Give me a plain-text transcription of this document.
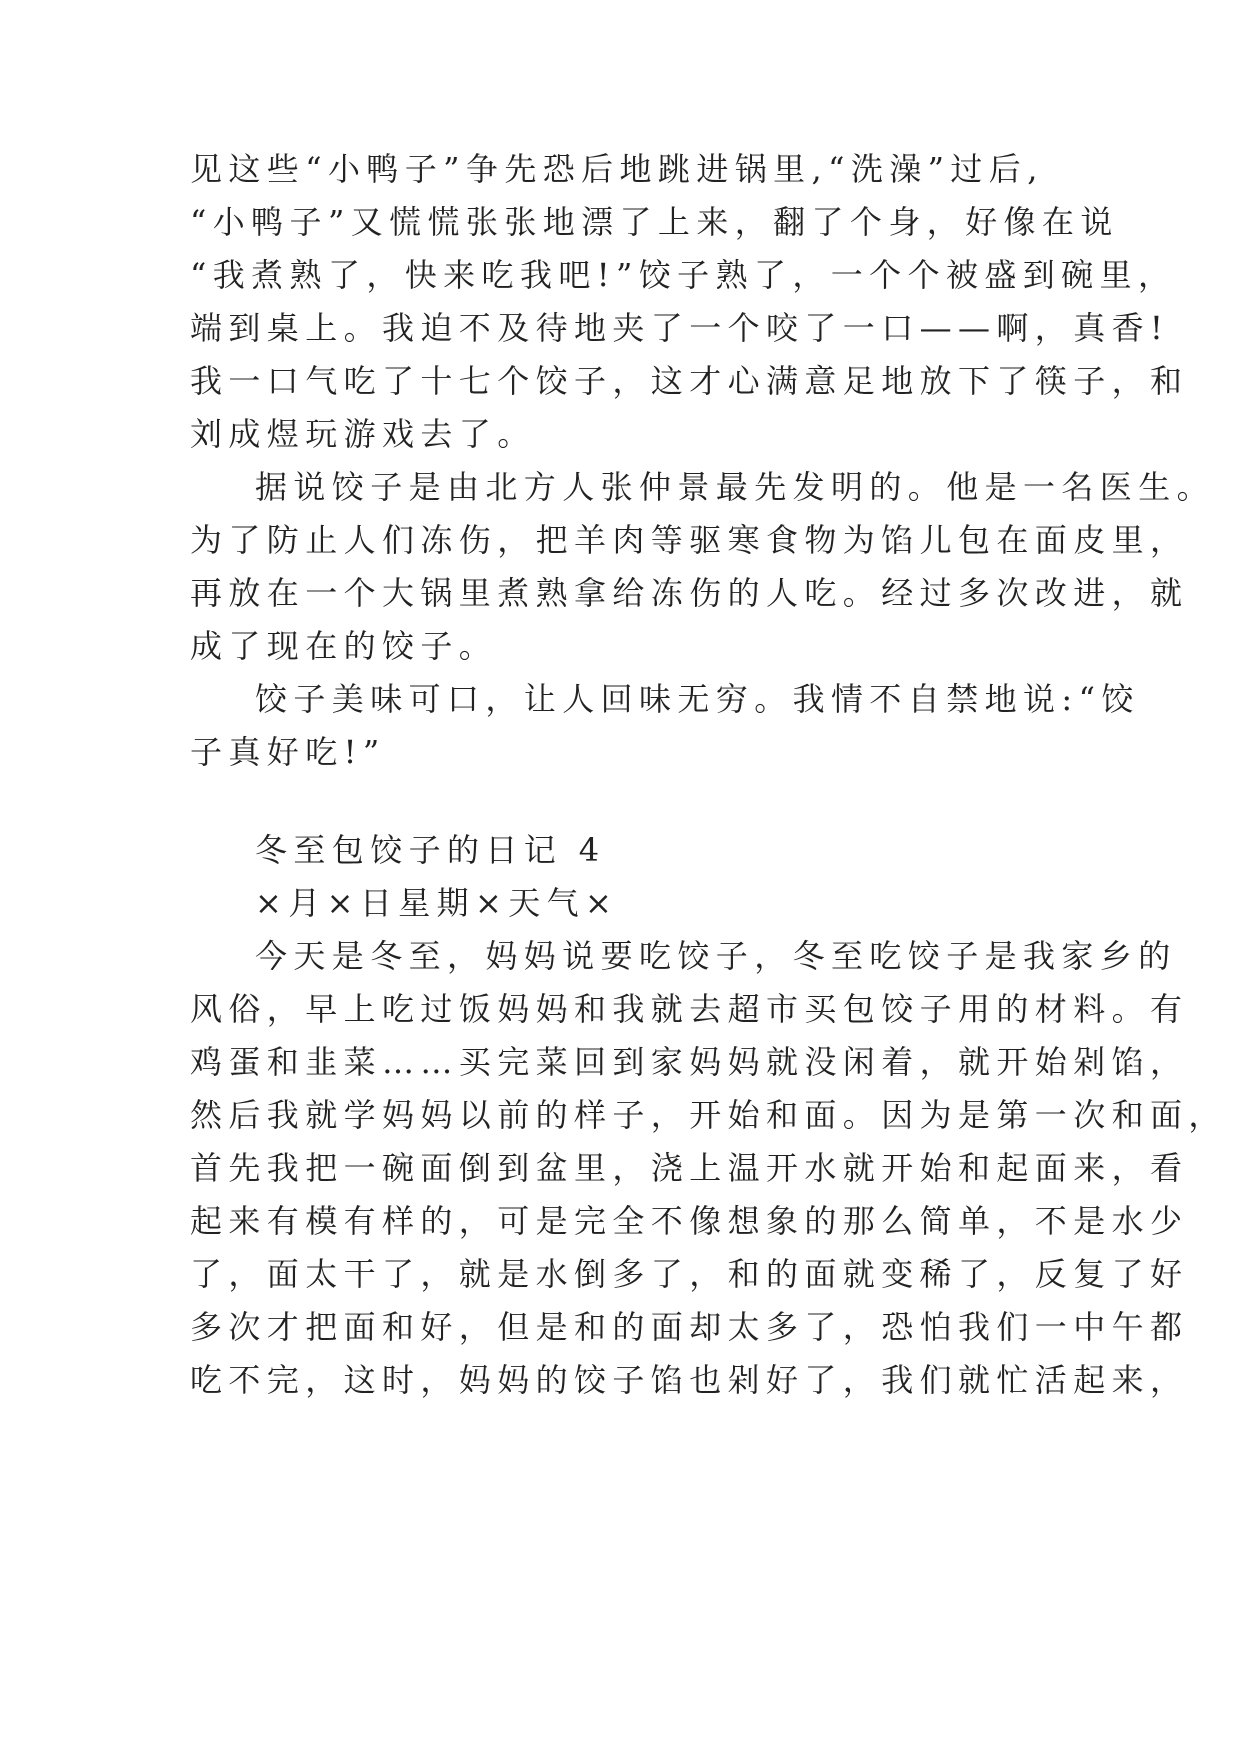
见这些“小鸭子”争先恐后地跳进锅里,“洗澡”过后,
“小鸭子”又慌慌张张地漂了上来，翻了个身，好像在说
“我煮熟了，快来吃我吧!”饺子熟了，一个个被盛到碗里，
端到桌上。我迫不及待地夹了一个咬了一口——啊，真香!
我一口气吃了十七个饺子，这才心满意足地放下了筷子，和
刘成煜玩游戏去了。
据说饺子是由北方人张仲景最先发明的。他是一名医生。
为了防止人们冻伤，把羊肉等驱寒食物为馅儿包在面皮里，
再放在一个大锅里煮熟拿给冻伤的人吃。经过多次改进，就
成了现在的饺子。
饺子美味可口，让人回味无穷。我情不自禁地说:“饺
子真好吃!”
冬至包饺子的日记 4
×月×日星期×天气×
今天是冬至，妈妈说要吃饺子，冬至吃饺子是我家乡的
风俗，早上吃过饭妈妈和我就去超市买包饺子用的材料。有
鸡蛋和韭菜……买完菜回到家妈妈就没闲着，就开始剁馅，
然后我就学妈妈以前的样子，开始和面。因为是第一次和面，
首先我把一碗面倒到盆里，浇上温开水就开始和起面来，看
起来有模有样的，可是完全不像想象的那么简单，不是水少
了，面太干了，就是水倒多了，和的面就变稀了，反复了好
多次才把面和好，但是和的面却太多了，恐怕我们一中午都
吃不完，这时，妈妈的饺子馅也剁好了，我们就忙活起来，
